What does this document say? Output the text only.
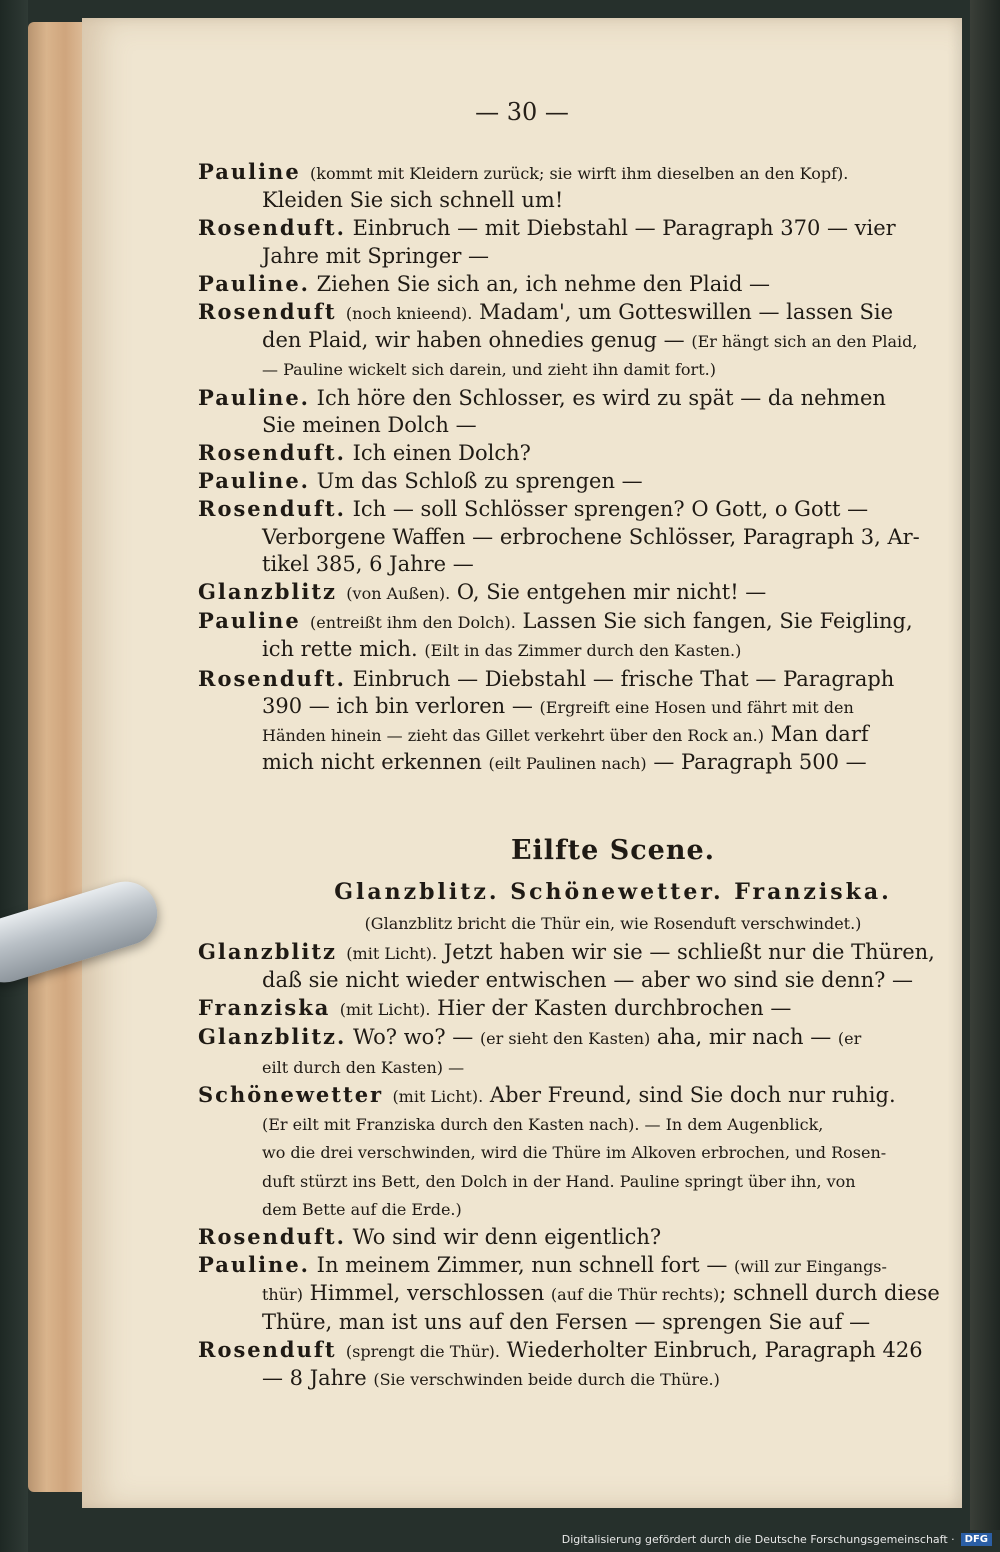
— 30 —
Pauline (kommt mit Kleidern zurück; sie wirft ihm dieselben an den Kopf).
Kleiden Sie sich schnell um!
Rosenduft. Einbruch — mit Diebstahl — Paragraph 370 — vier
Jahre mit Springer —
Pauline. Ziehen Sie sich an, ich nehme den Plaid —
Rosenduft (noch knieend). Madam', um Gotteswillen — lassen Sie
den Plaid, wir haben ohnedies genug — (Er hängt sich an den Plaid,
— Pauline wickelt sich darein, und zieht ihn damit fort.)
Pauline. Ich höre den Schlosser, es wird zu spät — da nehmen
Sie meinen Dolch —
Rosenduft. Ich einen Dolch?
Pauline. Um das Schloß zu sprengen —
Rosenduft. Ich — soll Schlösser sprengen? O Gott, o Gott —
Verborgene Waffen — erbrochene Schlösser, Paragraph 3, Ar-
tikel 385, 6 Jahre —
Glanzblitz (von Außen). O, Sie entgehen mir nicht! —
Pauline (entreißt ihm den Dolch). Lassen Sie sich fangen, Sie Feigling,
ich rette mich. (Eilt in das Zimmer durch den Kasten.)
Rosenduft. Einbruch — Diebstahl — frische That — Paragraph
390 — ich bin verloren — (Ergreift eine Hosen und fährt mit den
Händen hinein — zieht das Gillet verkehrt über den Rock an.) Man darf
mich nicht erkennen (eilt Paulinen nach) — Paragraph 500 —
Eilfte Scene.
Glanzblitz. Schönewetter. Franziska.
(Glanzblitz bricht die Thür ein, wie Rosenduft verschwindet.)
Glanzblitz (mit Licht). Jetzt haben wir sie — schließt nur die Thüren,
daß sie nicht wieder entwischen — aber wo sind sie denn? —
Franziska (mit Licht). Hier der Kasten durchbrochen —
Glanzblitz. Wo? wo? — (er sieht den Kasten) aha, mir nach — (er
eilt durch den Kasten) —
Schönewetter (mit Licht). Aber Freund, sind Sie doch nur ruhig.
(Er eilt mit Franziska durch den Kasten nach). — In dem Augenblick,
wo die drei verschwinden, wird die Thüre im Alkoven erbrochen, und Rosen-
duft stürzt ins Bett, den Dolch in der Hand. Pauline springt über ihn, von
dem Bette auf die Erde.)
Rosenduft. Wo sind wir denn eigentlich?
Pauline. In meinem Zimmer, nun schnell fort — (will zur Eingangs-
thür) Himmel, verschlossen (auf die Thür rechts); schnell durch diese
Thüre, man ist uns auf den Fersen — sprengen Sie auf —
Rosenduft (sprengt die Thür). Wiederholter Einbruch, Paragraph 426
— 8 Jahre (Sie verschwinden beide durch die Thüre.)
Digitalisierung gefördert durch die Deutsche Forschungsgemeinschaft ·	DFG
